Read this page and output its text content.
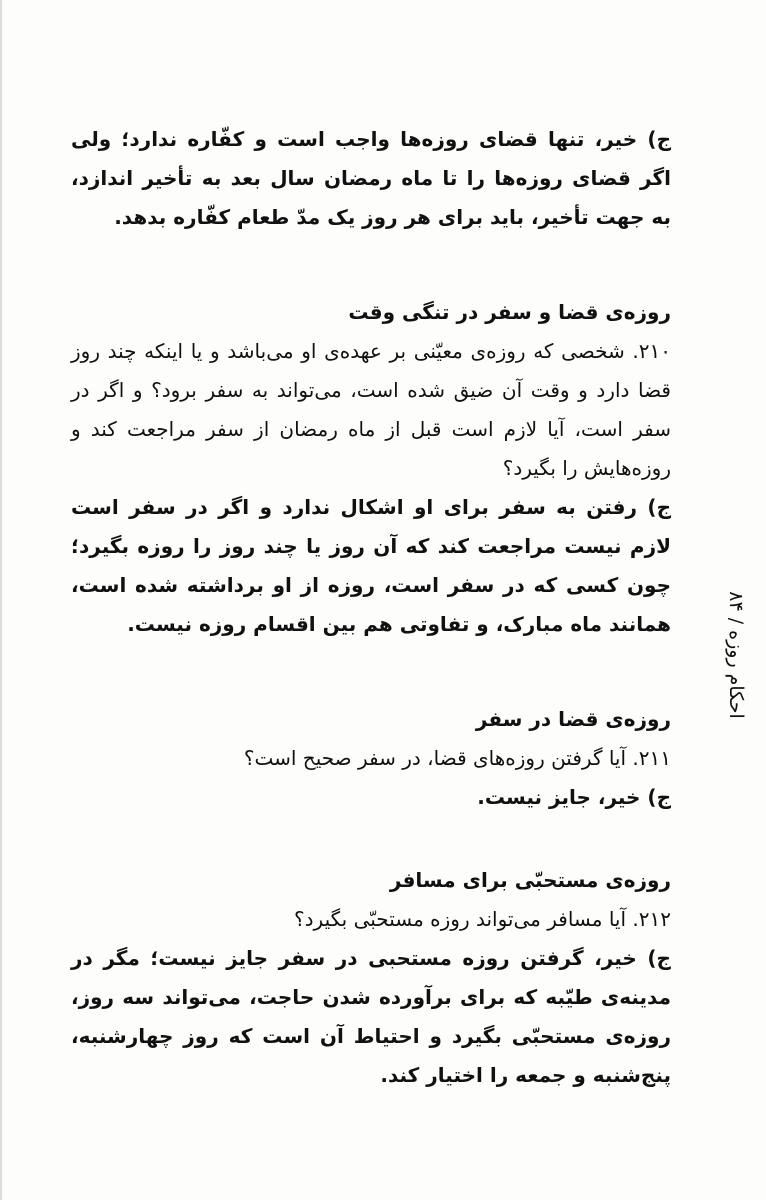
ج) خیر، تنها قضای روزه‌ها واجب است و کفّاره ندارد؛ ولی اگر قضای روزه‌ها را تا ماه رمضان سال بعد به تأخیر اندازد، به جهت تأخیر، باید برای هر روز یک مدّ طعام کفّاره بدهد.

روزه‌ی قضا و سفر در تنگی وقت

۲۱۰. شخصی که روزه‌ی معیّنی بر عهده‌ی او می‌باشد و یا اینکه چند روز قضا دارد و وقت آن ضیق شده است، می‌تواند به سفر برود؟ و اگر در سفر است، آیا لازم است قبل از ماه رمضان از سفر مراجعت کند و روزه‌هایش را بگیرد؟

ج) رفتن به سفر برای او اشکال ندارد و اگر در سفر است لازم نیست مراجعت کند که آن روز یا چند روز را روزه بگیرد؛ چون کسی که در سفر است، روزه از او برداشته شده است، همانند ماه مبارک، و تفاوتی هم بین اقسام روزه نیست.

روزه‌ی قضا در سفر

۲۱۱. آیا گرفتن روزه‌های قضا، در سفر صحیح است؟

ج) خیر، جایز نیست.

روزه‌ی مستحبّی برای مسافر

۲۱۲. آیا مسافر می‌تواند روزه مستحبّی بگیرد؟

ج) خیر، گرفتن روزه مستحبی در سفر جایز نیست؛ مگر در مدینه‌ی طیّبه که برای برآورده شدن حاجت، می‌تواند سه روز، روزه‌ی مستحبّی بگیرد و احتیاط آن است که روز چهارشنبه، پنج‌شنبه و جمعه را اختیار کند.

احکام روزه / ۸۴
